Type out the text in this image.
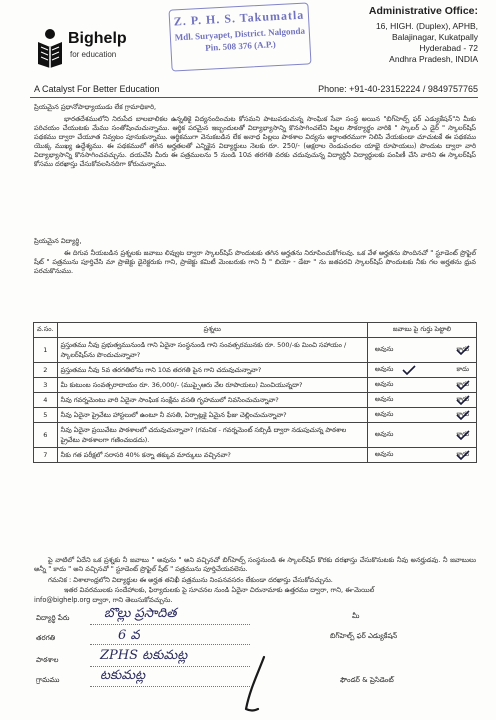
Bighelp
for education
Z. P. H. S. Takumatla
Mdl. Suryapet, District. Nalgonda
Pin. 508 376 (A.P.)
Administrative Office:
16, HIGH. (Duplex), APHB,
Balajinagar, Kukatpally
Hyderabad - 72
Andhra Pradesh, INDIA
A Catalyst For Better Education	Phone: +91-40-23152224 / 9849757765
ప్రియమైన ప్రధానోపాధ్యాయుడు లేక గ్రామాధికారి,
భారతదేశములోని నిరుపేద బాలబాలికల ఉన్నతికై విద్యనందించుట కోసమని పాటుపడుచున్న సాంఘిక సేవా సంస్థ అయిన "బిగ్‌హెల్ప్ ఫర్ ఎడ్యుకేషన్"ని మీకు పరిచయం చేయుటకు మేము సంతోషించుచున్నాము. ఆర్థిక పరమైన ఇబ్బందులతో విద్యాభ్యాసాన్ని కొనసాగించలేని పిల్లల సౌకర్యార్థం వారికి " స్కాలర్ ఎ డైర్ " స్కాలర్‌షిప్ పథకము ద్వారా చేయూత నివ్వటం పూనుకున్నాము. ఆర్థికముగా వెనుకబడిన లేక అనాధ పిల్లలు పాఠశాల విద్యను అర్ధాంతరముగా నిలిపి వేయకుండా చూచుటకే ఈ పథకము యొక్క ముఖ్య ఉద్దేశ్యము. ఈ పథకములో తగిన అర్హతలతో ఎన్నికైన విద్యార్థులు నెలకు రూ. 250/- (అక్షరాల రెండువందల యాభై రూపాయలు) పొందుట ద్వారా వారి విద్యాభ్యాసాన్ని కొనసాగించవచ్చును. దయచేసి మీరు ఈ పత్రములను 5 నుండి 10వ తరగతి వరకు చదువుచున్న విద్యార్థినీ విద్యార్థులకు పంపిణీ చేసి వారిని ఈ స్కాలర్‌షిప్ కోసము దరఖాస్తు చేసుకోవలసినదిగా కోరుచున్నాము.
ప్రియమైన విద్యార్థి,
ఈ దిగువ నీయబడిన ప్రశ్నలకు జవాబు లివ్వుట ద్వారా స్కాలర్‌షిప్ పొందుటకు తగిన అర్హతను నిరూపించుకోగలవు. ఒక వేళ అర్హతను పొందినచో " స్టూడెంట్ ప్రొఫైల్ షీట్ " పత్రమును పూర్తిచేసి మా ప్రాజెక్టు డైరెక్టరుకు గాని, ప్రాజెక్టు కమిటీ మెంబరుకు గాని నీ " బియో - డేటా " ను జతపరచి స్కాలర్‌షిప్ పొందుటకు నీకు గల అర్హతను ధ్రువ పరచుకొనుము.
వ.సం.	ప్రశ్నలు	జవాబు పై గుర్తు పెట్టాలి
1	ప్రస్తుతము నీవు ప్రభుత్వమునుండి గాని ఏదైనా సంస్థనుండి గాని సంవత్సరమునకు రూ. 500/-కు మించి సహాయం / స్కాలర్‌షిప్‌ను పొందుచున్నావా?	అవును కాదు

2	ప్రస్తుతము నీవు 5వ తరగతిలోను గాని 10వ తరగతి పైన గాని చదువుచున్నావా?	అవును కాదు

3	మీ కుటుంబ సంవత్సరాదాయం రూ. 36,000/- (ముప్పైఆరు వేల రూపాయలు) మించియున్నదా?	అవును కాదు

4	నీవు గవర్నమెంటు వారి ఏదైనా సాంఘిక సంక్షేమ వసతి గృహములో నివసించుచున్నావా?	అవును కాదు

5	నీవు ఏదైనా ప్రైవేటు హాస్టలులో ఉంటూ నీ వసతి, ఏర్పాట్లకై ఏమైన ఫీజు చెల్లించుచున్నావా?	అవును కాదు

6	నీవు ఏదైనా ప్రయివేటు పాఠశాలలో చదువుచున్నావా? (గమనిక - గవర్నమెంట్ సబ్సిడీ ద్వారా నడుపుచున్న పాఠశాల ప్రైవేటు పాఠశాలగా గణించబడదు).	అవును కాదు

7	నీకు గత పరీక్షలో సరాసరి 40% కన్నా తక్కువ మార్కులు వచ్చినవా?	అవును కాదు
పై వాటిలో ఏదేని ఒక ప్రశ్నకు నీ జవాబు " అవును " అని వచ్చినచో బిగ్‌హెల్ప్ సంస్థనుండి ఈ స్కాలర్‌షిప్ కొరకు దరఖాస్తు చేసుకొనుటకు నీవు అనర్హుడవు. నీ జవాబులు అన్నీ " కాదు " అని వచ్చినచో " స్టూడెంట్ ప్రొఫైల్ షీట్ " పత్రమును పూర్తిచేయవలెను.
గమనిక : విశాలాంధ్రలోని విద్యార్థుల ఈ అర్హత తనిఖీ పత్రమును నింపనవసరం లేకుండా దరఖాస్తు చేసుకోవచ్చును.
ఇతర వివరములకు సందేహాలకు, ఫిర్యాదులకు పై సూచనల నుండి ఏదైనా చిరునామాకు ఉత్తరము ద్వారా, గాని, ఈ-మెయిల్
info@bighelp.org ద్వారా, గాని తెలుసుకోవచ్చును.
విద్యార్థి పేరు	బొల్లు ప్రసాదిత
తరగతి	6 వ
పాఠశాల	ZPHS టకుమట్ల
గ్రామము	టకుమట్ల
మీ
బిగ్‌హెల్ప్ ఫర్ ఎడ్యుకేషన్
ఫౌండర్ & ప్రెసిడెంట్
